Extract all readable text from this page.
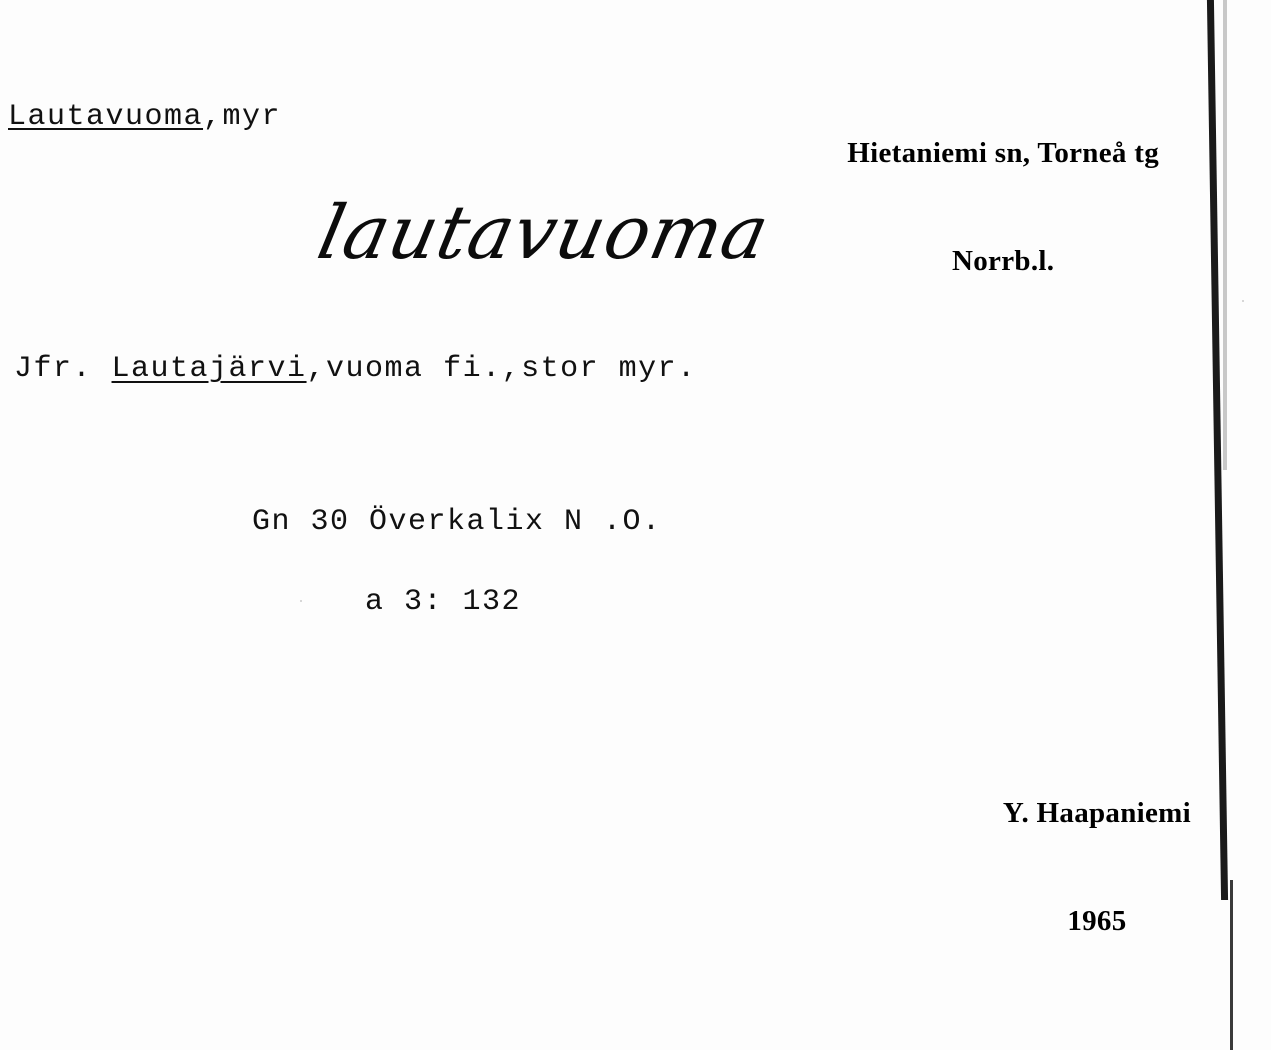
Lautavuoma,myr

Hietaniemi sn, Torneå tg

Norrb.l.

lautavuoma
Jfr. Lautajärvi,vuoma fi.,stor myr.
Gn 30 Överkalix N .O.
a 3: 132

Y. Haapaniemi

1965
